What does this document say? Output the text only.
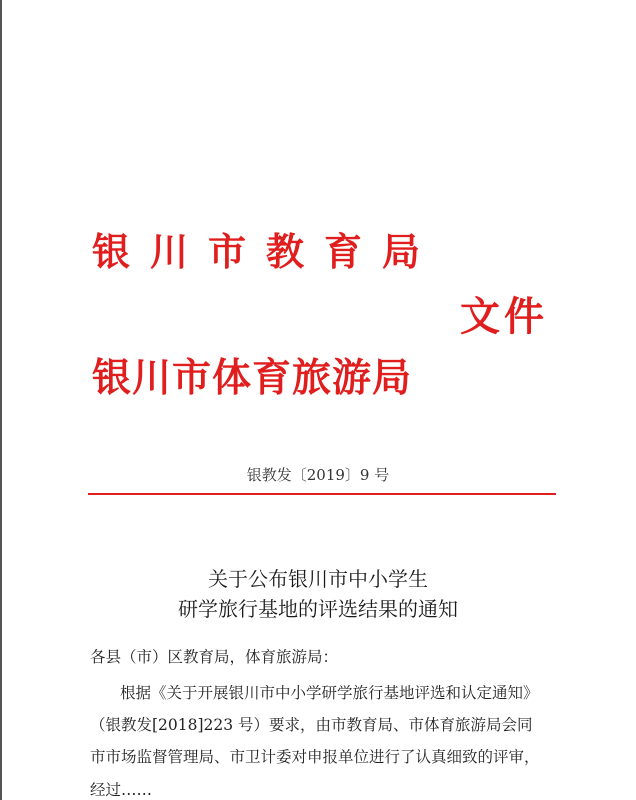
银川市教育局
文件
银川市体育旅游局
银教发〔2019〕9 号
关于公布银川市中小学生
研学旅行基地的评选结果的通知
各县（市）区教育局，体育旅游局：
根据《关于开展银川市中小学研学旅行基地评选和认定通知》
（银教发[2018]223 号）要求，由市教育局、市体育旅游局会同
市市场监督管理局、市卫计委对申报单位进行了认真细致的评审，
经过……
